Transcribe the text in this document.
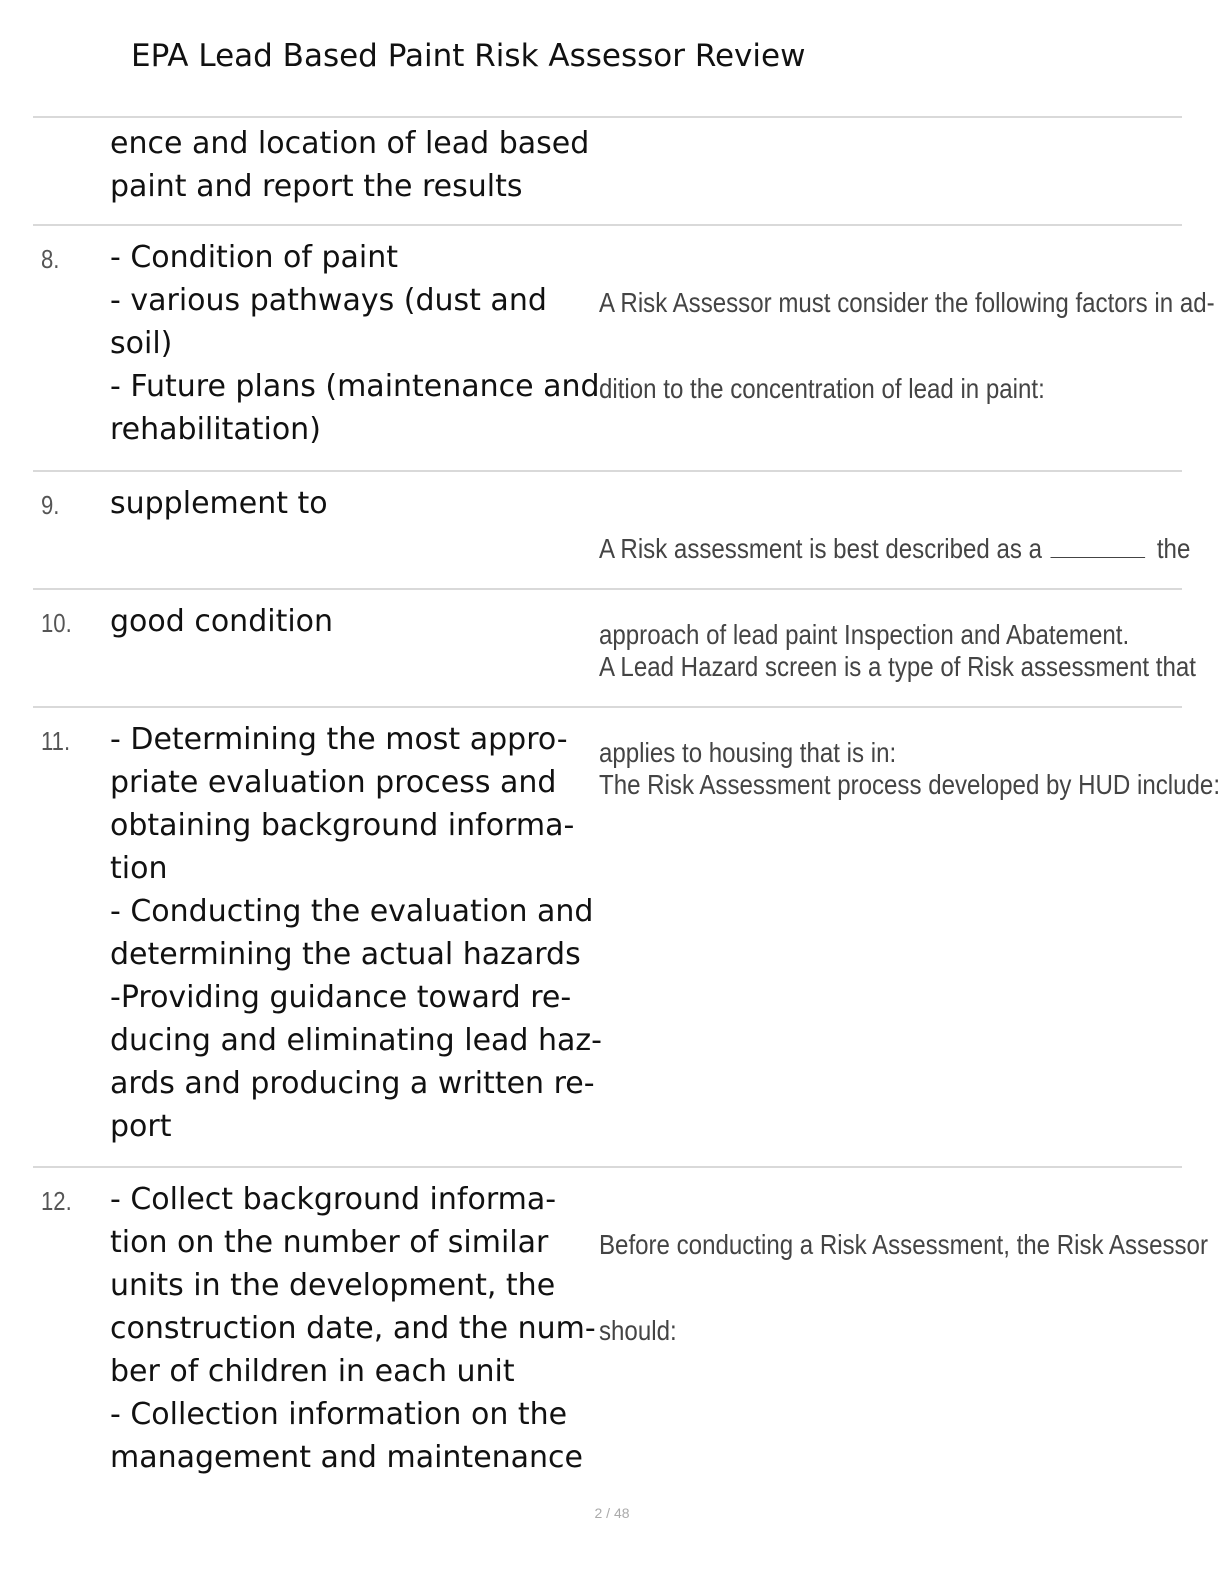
EPA Lead Based Paint Risk Assessor Review
ence and location of lead based
paint and report the results
8. - Condition of paint
- various pathways (dust and
soil)
- Future plans (maintenance and
rehabilitation)

A Risk Assessor must consider the following factors in ad-

dition to the concentration of lead in paint:

9. supplement to

A Risk assessment is best described as a	the

approach of lead paint Inspection and Abatement.

10. good condition

A Lead Hazard screen is a type of Risk assessment that

applies to housing that is in:

11. - Determining the most appro-
priate evaluation process and
obtaining background informa-
tion
- Conducting the evaluation and
determining the actual hazards
-Providing guidance toward re-
ducing and eliminating lead haz-
ards and producing a written re-
port

The Risk Assessment process developed by HUD include:

12. - Collect background informa-
tion on the number of similar
units in the development, the
construction date, and the num-
ber of children in each unit
- Collection information on the
management and maintenance

Before conducting a Risk Assessment, the Risk Assessor

should:

2 / 48
